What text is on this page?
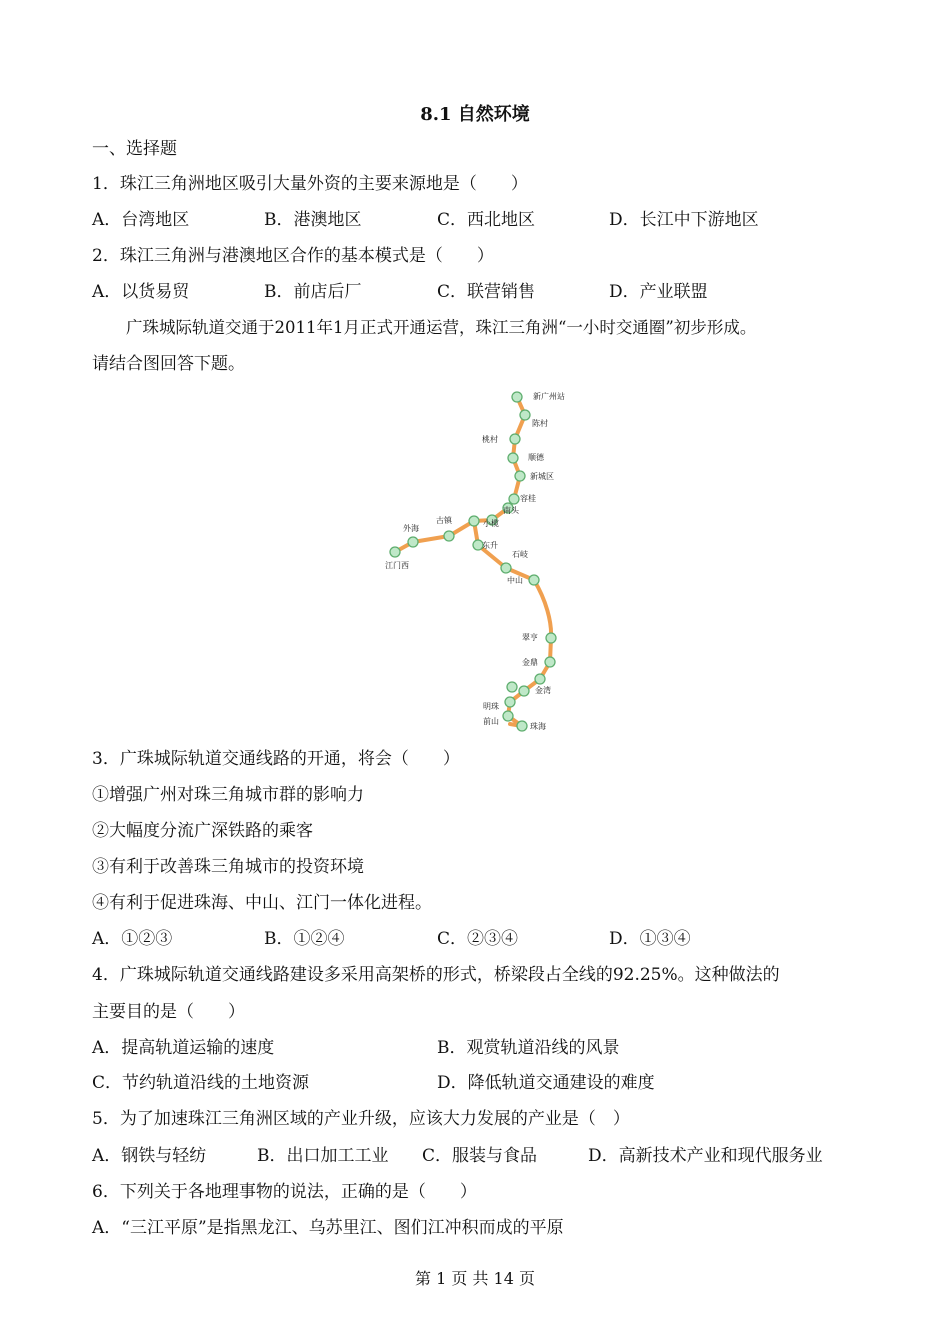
8.1 自然环境
一、选择题
1．珠江三角洲地区吸引大量外资的主要来源地是（　　）
A．台湾地区	B．港澳地区	C．西北地区	D．长江中下游地区
2．珠江三角洲与港澳地区合作的基本模式是（　　）
A．以货易贸	B．前店后厂	C．联营销售	D．产业联盟
广珠城际轨道交通于2011年1月正式开通运营，珠江三角洲“一小时交通圈”初步形成。
请结合图回答下题。
新广州站
陈村
桃村
顺德
新城区
容桂
南头
小榄
古镇
外海
江门西
东升
石岐
中山
翠亨
金鼎
金湾
明珠
前山
珠海
3．广珠城际轨道交通线路的开通，将会（　　）
①增强广州对珠三角城市群的影响力
②大幅度分流广深铁路的乘客
③有利于改善珠三角城市的投资环境
④有利于促进珠海、中山、江门一体化进程。
A．①②③	B．①②④	C．②③④	D．①③④
4．广珠城际轨道交通线路建设多采用高架桥的形式，桥梁段占全线的92.25%。这种做法的
主要目的是（　　）
A．提高轨道运输的速度	B．观赏轨道沿线的风景
C．节约轨道沿线的土地资源	D．降低轨道交通建设的难度
5．为了加速珠江三角洲区域的产业升级，应该大力发展的产业是（　）
A．钢铁与轻纺	B．出口加工工业 C．服装与食品	D．高新技术产业和现代服务业
6．下列关于各地理事物的说法，正确的是（　　）
A．“三江平原”是指黑龙江、乌苏里江、图们江冲积而成的平原
第 1 页 共 14 页
